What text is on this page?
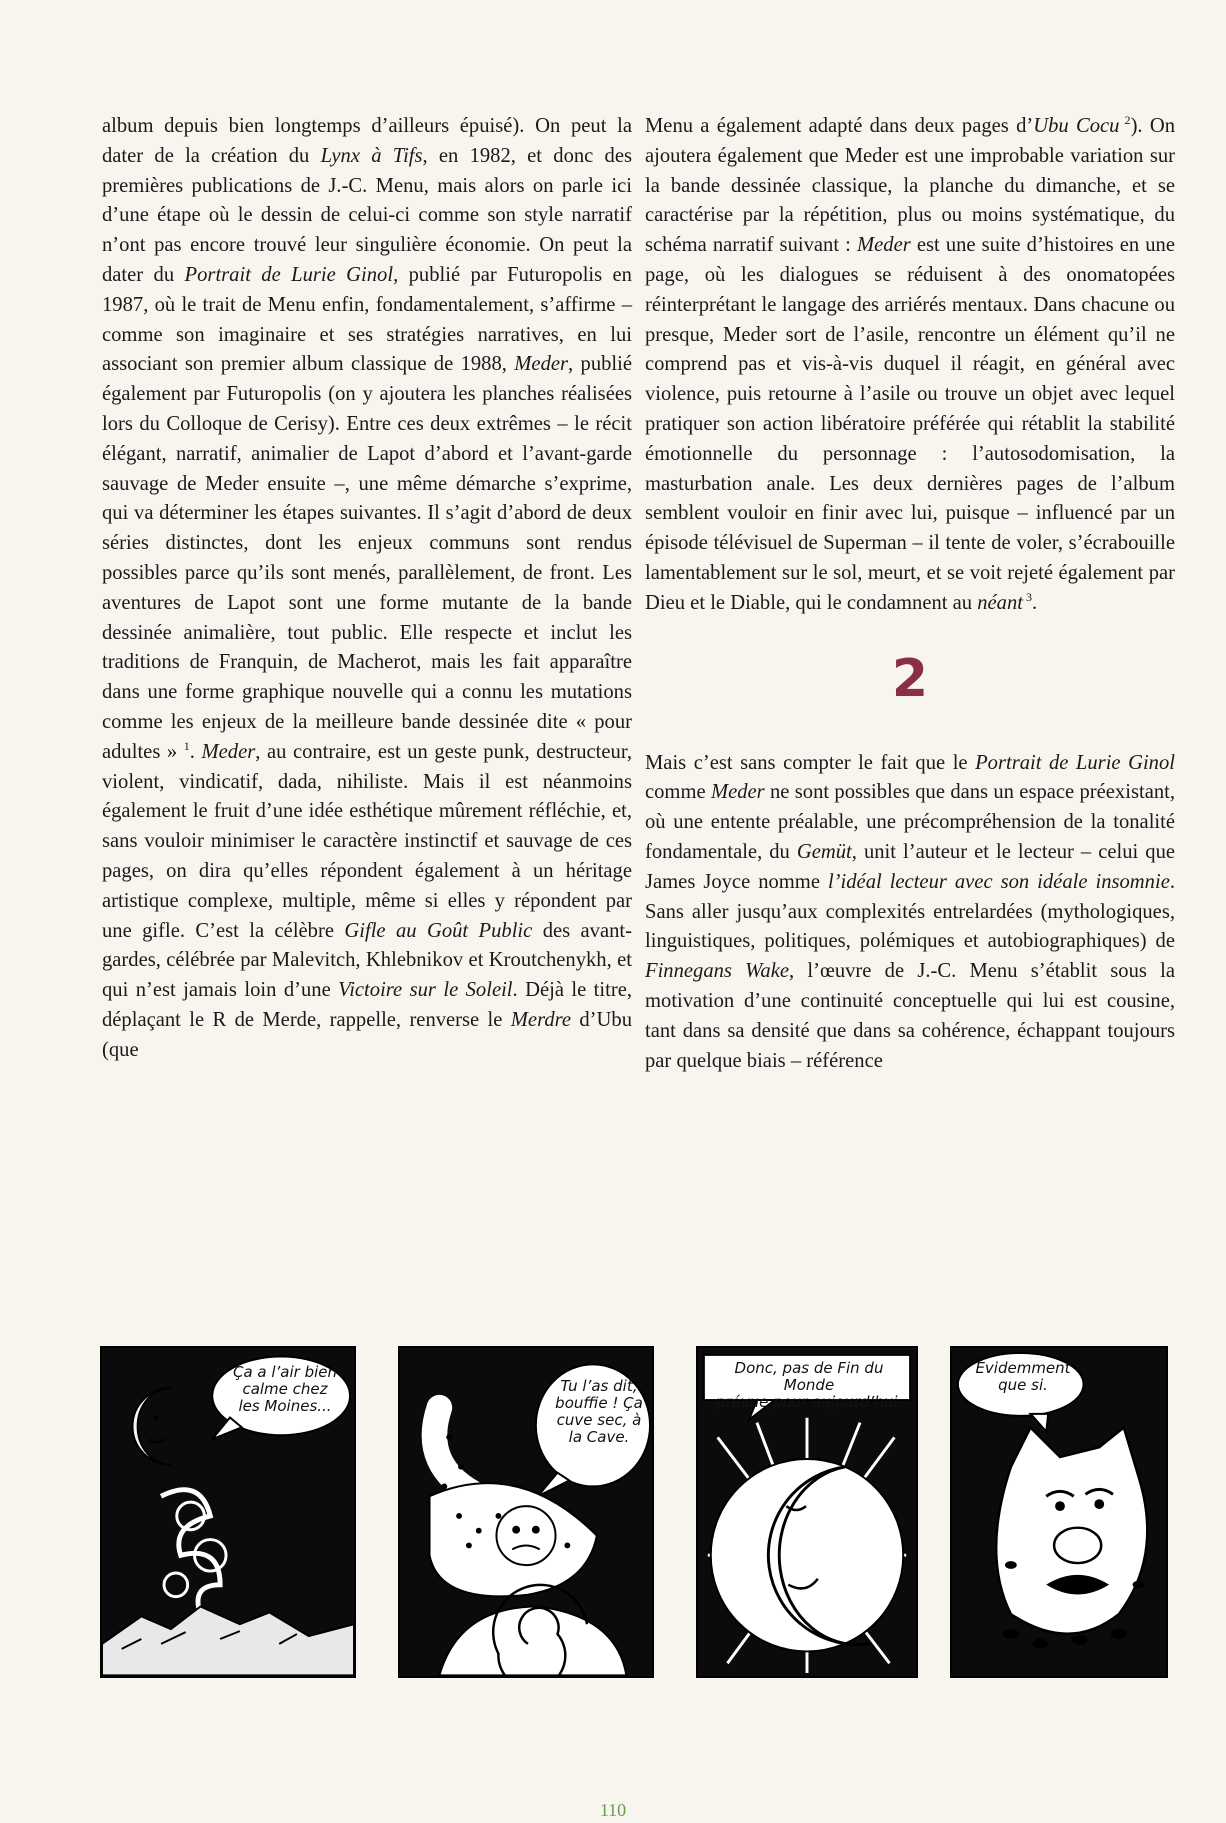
album depuis bien longtemps d’ailleurs épuisé). On peut la dater de la création du Lynx à Tifs, en 1982, et donc des premières publications de J.-C. Menu, mais alors on parle ici d’une étape où le dessin de celui-ci comme son style narratif n’ont pas encore trouvé leur singulière économie. On peut la dater du Portrait de Lurie Ginol, publié par Futuropolis en 1987, où le trait de Menu enfin, fondamentalement, s’affirme – comme son imaginaire et ses stratégies narratives, en lui associant son premier album classique de 1988, Meder, publié également par Futuropolis (on y ajoutera les planches réalisées lors du Colloque de Cerisy). Entre ces deux extrêmes – le récit élégant, narratif, animalier de Lapot d’abord et l’avant-garde sauvage de Meder ensuite –, une même démarche s’exprime, qui va déterminer les étapes suivantes. Il s’agit d’abord de deux séries distinctes, dont les enjeux communs sont rendus possibles parce qu’ils sont menés, parallèlement, de front. Les aventures de Lapot sont une forme mutante de la bande dessinée animalière, tout public. Elle respecte et inclut les traditions de Franquin, de Macherot, mais les fait apparaître dans une forme graphique nouvelle qui a connu les mutations comme les enjeux de la meilleure bande dessinée dite « pour adultes » $^1$. Meder, au contraire, est un geste punk, destructeur, violent, vindicatif, dada, nihiliste. Mais il est néanmoins également le fruit d’une idée esthétique mûrement réfléchie, et, sans vouloir minimiser le caractère instinctif et sauvage de ces pages, on dira qu’elles répondent également à un héritage artistique complexe, multiple, même si elles y répondent par une gifle. C’est la célèbre Gifle au Goût Public des avant-gardes, célébrée par Malevitch, Khlebnikov et Kroutchenykh, et qui n’est jamais loin d’une Victoire sur le Soleil. Déjà le titre, déplaçant le R de Merde, rappelle, renverse le Merdre d’Ubu (que

Menu a également adapté dans deux pages d’Ubu Cocu $^2$). On ajoutera également que Meder est une improbable variation sur la bande dessinée classique, la planche du dimanche, et se caractérise par la répétition, plus ou moins systématique, du schéma narratif suivant : Meder est une suite d’histoires en une page, où les dialogues se réduisent à des onomatopées réinterprétant le langage des arriérés mentaux. Dans chacune ou presque, Meder sort de l’asile, rencontre un élément qu’il ne comprend pas et vis-à-vis duquel il réagit, en général avec violence, puis retourne à l’asile ou trouve un objet avec lequel pratiquer son action libératoire préférée qui rétablit la stabilité émotionnelle du personnage : l’autosodomisation, la masturbation anale. Les deux dernières pages de l’album semblent vouloir en finir avec lui, puisque – influencé par un épisode télévisuel de Superman – il tente de voler, s’écrabouille lamentablement sur le sol, meurt, et se voit rejeté également par Dieu et le Diable, qui le condamnent au néant $^3$.

2

Mais c’est sans compter le fait que le Portrait de Lurie Ginol comme Meder ne sont possibles que dans un espace préexistant, où une entente préalable, une précompréhension de la tonalité fondamentale, du Gemüt, unit l’auteur et le lecteur – celui que James Joyce nomme l’idéal lecteur avec son idéale insomnie. Sans aller jusqu’aux complexités entrelardées (mythologiques, linguistiques, politiques, polémiques et autobiographiques) de Finnegans Wake, l’œuvre de J.-C. Menu s’établit sous la motivation d’une continuité conceptuelle qui lui est cousine, tant dans sa densité que dans sa cohérence, échappant toujours par quelque biais – référence

Ça a l’air bien
calme chez
les Moines...
Tu l’as dit,
bouffie ! Ça
cuve sec, à
la Cave.
Donc, pas de Fin du Monde
prévue pour aujourd’hui.
Évidemment
que si.
110
